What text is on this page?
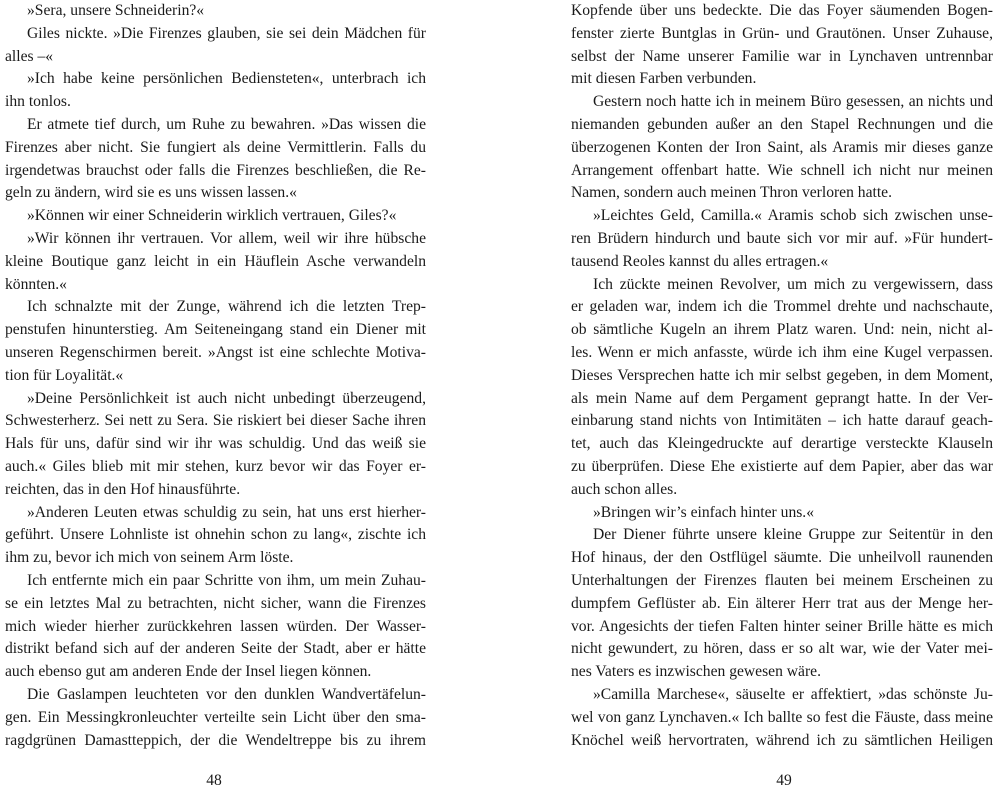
»Sera, unsere Schneiderin?«
Giles nickte. »Die Firenzes glauben, sie sei dein Mädchen für
alles –«
»Ich habe keine persönlichen Bediensteten«, unterbrach ich
ihn tonlos.
Er atmete tief durch, um Ruhe zu bewahren. »Das wissen die
Firenzes aber nicht. Sie fungiert als deine Vermittlerin. Falls du
irgendetwas brauchst oder falls die Firenzes beschließen, die Re-
geln zu ändern, wird sie es uns wissen lassen.«
»Können wir einer Schneiderin wirklich vertrauen, Giles?«
»Wir können ihr vertrauen. Vor allem, weil wir ihre hübsche
kleine Boutique ganz leicht in ein Häuflein Asche verwandeln
könnten.«
Ich schnalzte mit der Zunge, während ich die letzten Trep-
penstufen hinunterstieg. Am Seiteneingang stand ein Diener mit
unseren Regenschirmen bereit. »Angst ist eine schlechte Motiva-
tion für Loyalität.«
»Deine Persönlichkeit ist auch nicht unbedingt überzeugend,
Schwesterherz. Sei nett zu Sera. Sie riskiert bei dieser Sache ihren
Hals für uns, dafür sind wir ihr was schuldig. Und das weiß sie
auch.« Giles blieb mit mir stehen, kurz bevor wir das Foyer er-
reichten, das in den Hof hinausführte.
»Anderen Leuten etwas schuldig zu sein, hat uns erst hierher-
geführt. Unsere Lohnliste ist ohnehin schon zu lang«, zischte ich
ihm zu, bevor ich mich von seinem Arm löste.
Ich entfernte mich ein paar Schritte von ihm, um mein Zuhau-
se ein letztes Mal zu betrachten, nicht sicher, wann die Firenzes
mich wieder hierher zurückkehren lassen würden. Der Wasser-
distrikt befand sich auf der anderen Seite der Stadt, aber er hätte
auch ebenso gut am anderen Ende der Insel liegen können.
Die Gaslampen leuchteten vor den dunklen Wandvertäfelun-
gen. Ein Messingkronleuchter verteilte sein Licht über den sma-
ragdgrünen Damastteppich, der die Wendeltreppe bis zu ihrem
Kopfende über uns bedeckte. Die das Foyer säumenden Bogen-
fenster zierte Buntglas in Grün- und Grautönen. Unser Zuhause,
selbst der Name unserer Familie war in Lynchaven untrennbar
mit diesen Farben verbunden.
Gestern noch hatte ich in meinem Büro gesessen, an nichts und
niemanden gebunden außer an den Stapel Rechnungen und die
überzogenen Konten der Iron Saint, als Aramis mir dieses ganze
Arrangement offenbart hatte. Wie schnell ich nicht nur meinen
Namen, sondern auch meinen Thron verloren hatte.
»Leichtes Geld, Camilla.« Aramis schob sich zwischen unse-
ren Brüdern hindurch und baute sich vor mir auf. »Für hundert-
tausend Reoles kannst du alles ertragen.«
Ich zückte meinen Revolver, um mich zu vergewissern, dass
er geladen war, indem ich die Trommel drehte und nachschaute,
ob sämtliche Kugeln an ihrem Platz waren. Und: nein, nicht al-
les. Wenn er mich anfasste, würde ich ihm eine Kugel verpassen.
Dieses Versprechen hatte ich mir selbst gegeben, in dem Moment,
als mein Name auf dem Pergament geprangt hatte. In der Ver-
einbarung stand nichts von Intimitäten – ich hatte darauf geach-
tet, auch das Kleingedruckte auf derartige versteckte Klauseln
zu überprüfen. Diese Ehe existierte auf dem Papier, aber das war
auch schon alles.
»Bringen wir’s einfach hinter uns.«
Der Diener führte unsere kleine Gruppe zur Seitentür in den
Hof hinaus, der den Ostflügel säumte. Die unheilvoll raunenden
Unterhaltungen der Firenzes flauten bei meinem Erscheinen zu
dumpfem Geflüster ab. Ein älterer Herr trat aus der Menge her-
vor. Angesichts der tiefen Falten hinter seiner Brille hätte es mich
nicht gewundert, zu hören, dass er so alt war, wie der Vater mei-
nes Vaters es inzwischen gewesen wäre.
»Camilla Marchese«, säuselte er affektiert, »das schönste Ju-
wel von ganz Lynchaven.« Ich ballte so fest die Fäuste, dass meine
Knöchel weiß hervortraten, während ich zu sämtlichen Heiligen
48	49
